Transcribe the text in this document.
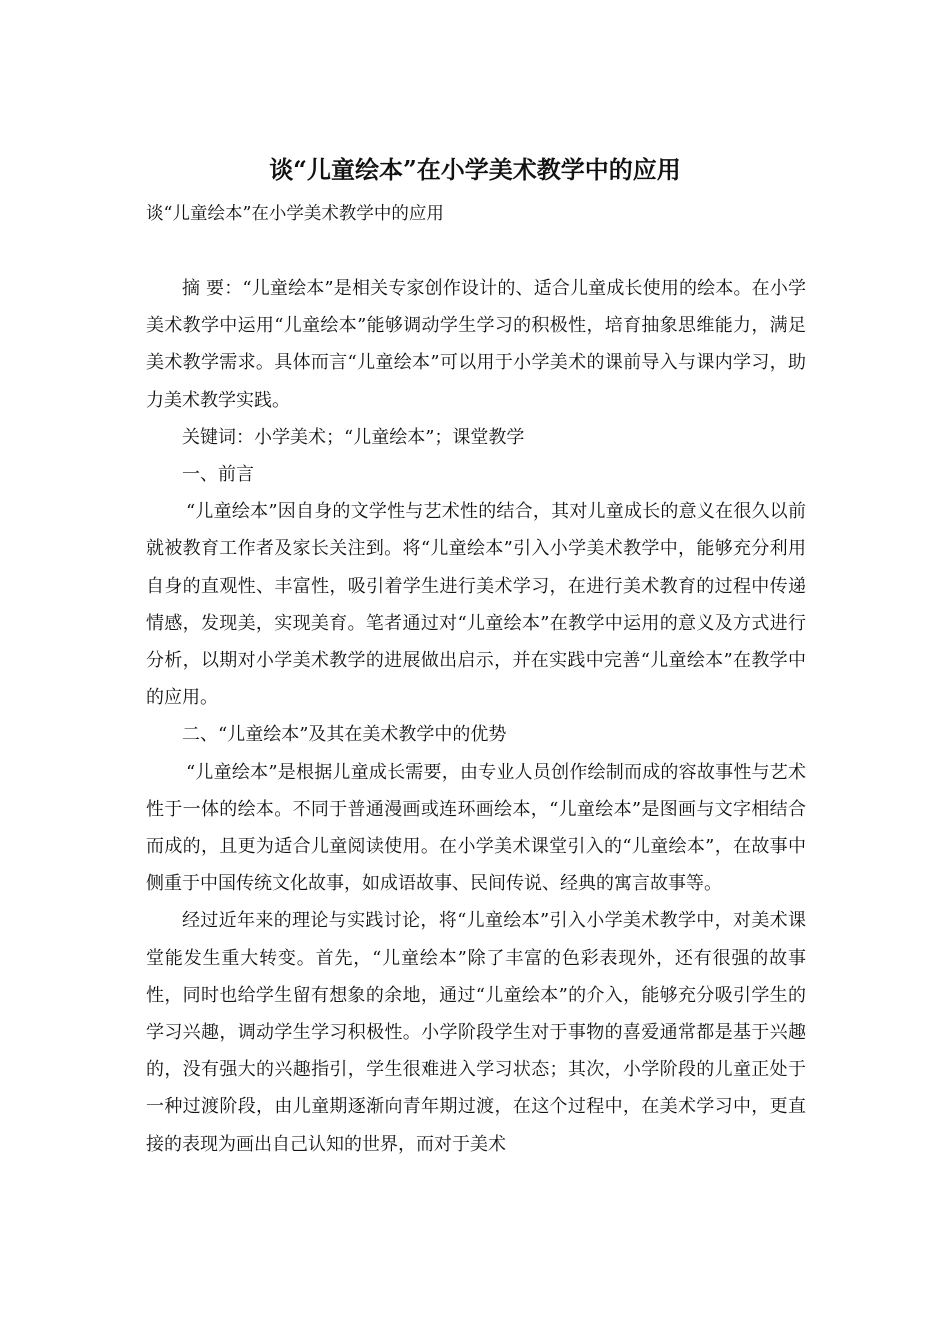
谈“儿童绘本”在小学美术教学中的应用

谈“儿童绘本”在小学美术教学中的应用

摘 要：“儿童绘本”是相关专家创作设计的、适合儿童成长使用的绘本。在小学美术教学中运用“儿童绘本”能够调动学生学习的积极性，培育抽象思维能力，满足美术教学需求。具体而言“儿童绘本”可以用于小学美术的课前导入与课内学习，助力美术教学实践。

关键词：小学美术；“儿童绘本”；课堂教学

一、前言

“儿童绘本”因自身的文学性与艺术性的结合，其对儿童成长的意义在很久以前就被教育工作者及家长关注到。将“儿童绘本”引入小学美术教学中，能够充分利用自身的直观性、丰富性，吸引着学生进行美术学习，在进行美术教育的过程中传递情感，发现美，实现美育。笔者通过对“儿童绘本”在教学中运用的意义及方式进行分析，以期对小学美术教学的进展做出启示，并在实践中完善“儿童绘本”在教学中的应用。

二、“儿童绘本”及其在美术教学中的优势

“儿童绘本”是根据儿童成长需要，由专业人员创作绘制而成的容故事性与艺术性于一体的绘本。不同于普通漫画或连环画绘本，“儿童绘本”是图画与文字相结合而成的，且更为适合儿童阅读使用。在小学美术课堂引入的“儿童绘本”，在故事中侧重于中国传统文化故事，如成语故事、民间传说、经典的寓言故事等。

经过近年来的理论与实践讨论，将“儿童绘本”引入小学美术教学中，对美术课堂能发生重大转变。首先，“儿童绘本”除了丰富的色彩表现外，还有很强的故事性，同时也给学生留有想象的余地，通过“儿童绘本”的介入，能够充分吸引学生的学习兴趣，调动学生学习积极性。小学阶段学生对于事物的喜爱通常都是基于兴趣的，没有强大的兴趣指引，学生很难进入学习状态；其次，小学阶段的儿童正处于一种过渡阶段，由儿童期逐渐向青年期过渡，在这个过程中，在美术学习中，更直接的表现为画出自己认知的世界，而对于美术
